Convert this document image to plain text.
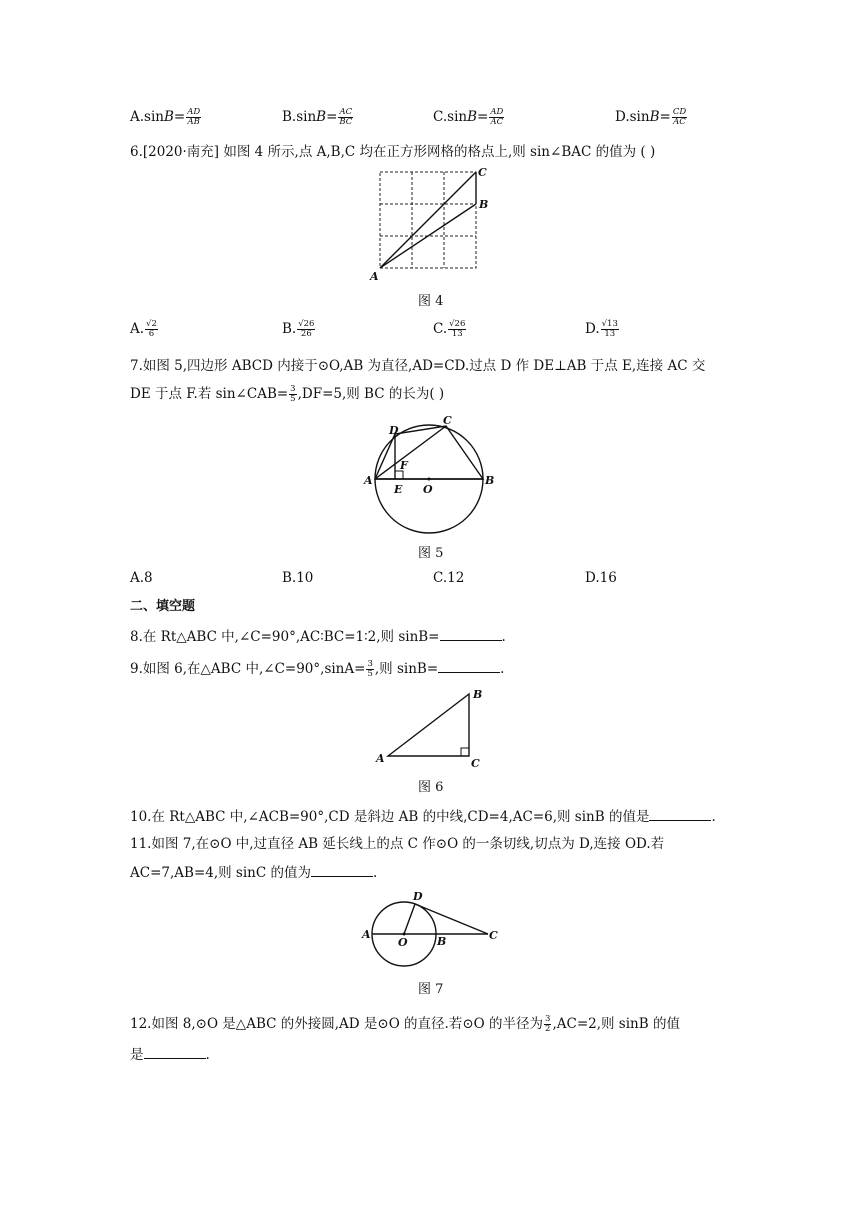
$A.\sin B= \frac{AD}{AB}$	$B.\sin B= \frac{AC}{BC}$	$C.\sin B= \frac{AD}{AC}$	$D.\sin B= \frac{CD}{AC}$
6.[2020·南充] 如图 4 所示,点 A,B,C 均在正方形网格的格点上,则 sin∠BAC 的值为 ( )
A
B
C
图 4
A. $\frac{√2}{6}$	B. $\frac{√26}{26}$	C. $\frac{√26}{13}$	D. $\frac{√13}{13}$
7.如图 5,四边形 ABCD 内接于⊙O,AB 为直径,AD=CD.过点 D 作 DE⊥AB 于点 E,连接 AC 交
DE 于点 F.若 sin∠CAB= $\frac{3}{5} ,DF=5$,则 BC 的长为( )
A	B
C
D
E
F
O
图 5
A.8	B.10	C.12	D.16
二、填空题
8.在 Rt△ABC 中,∠C=90°,AC∶BC=1∶2,则 sinB=	.
9.如图 6,在△ABC 中,∠C=90°,sinA= $\frac{3}{5}$ ,则 sinB=	.
A
B
C
图 6
10.在 Rt△ABC 中,∠ACB=90°,CD 是斜边 AB 的中线,CD=4,AC=6,则 sinB 的值是	.
11.如图 7,在⊙O 中,过直径 AB 延长线上的点 C 作⊙O 的一条切线,切点为 D,连接 OD.若
AC=7,AB=4,则 sinC 的值为	.
A
B	C
D
O
图 7
12.如图 8,⊙O 是△ABC 的外接圆,AD 是⊙O 的直径.若⊙O 的半径为 $\frac{3}{2} ,AC=2$,则 sinB 的值
是	.
